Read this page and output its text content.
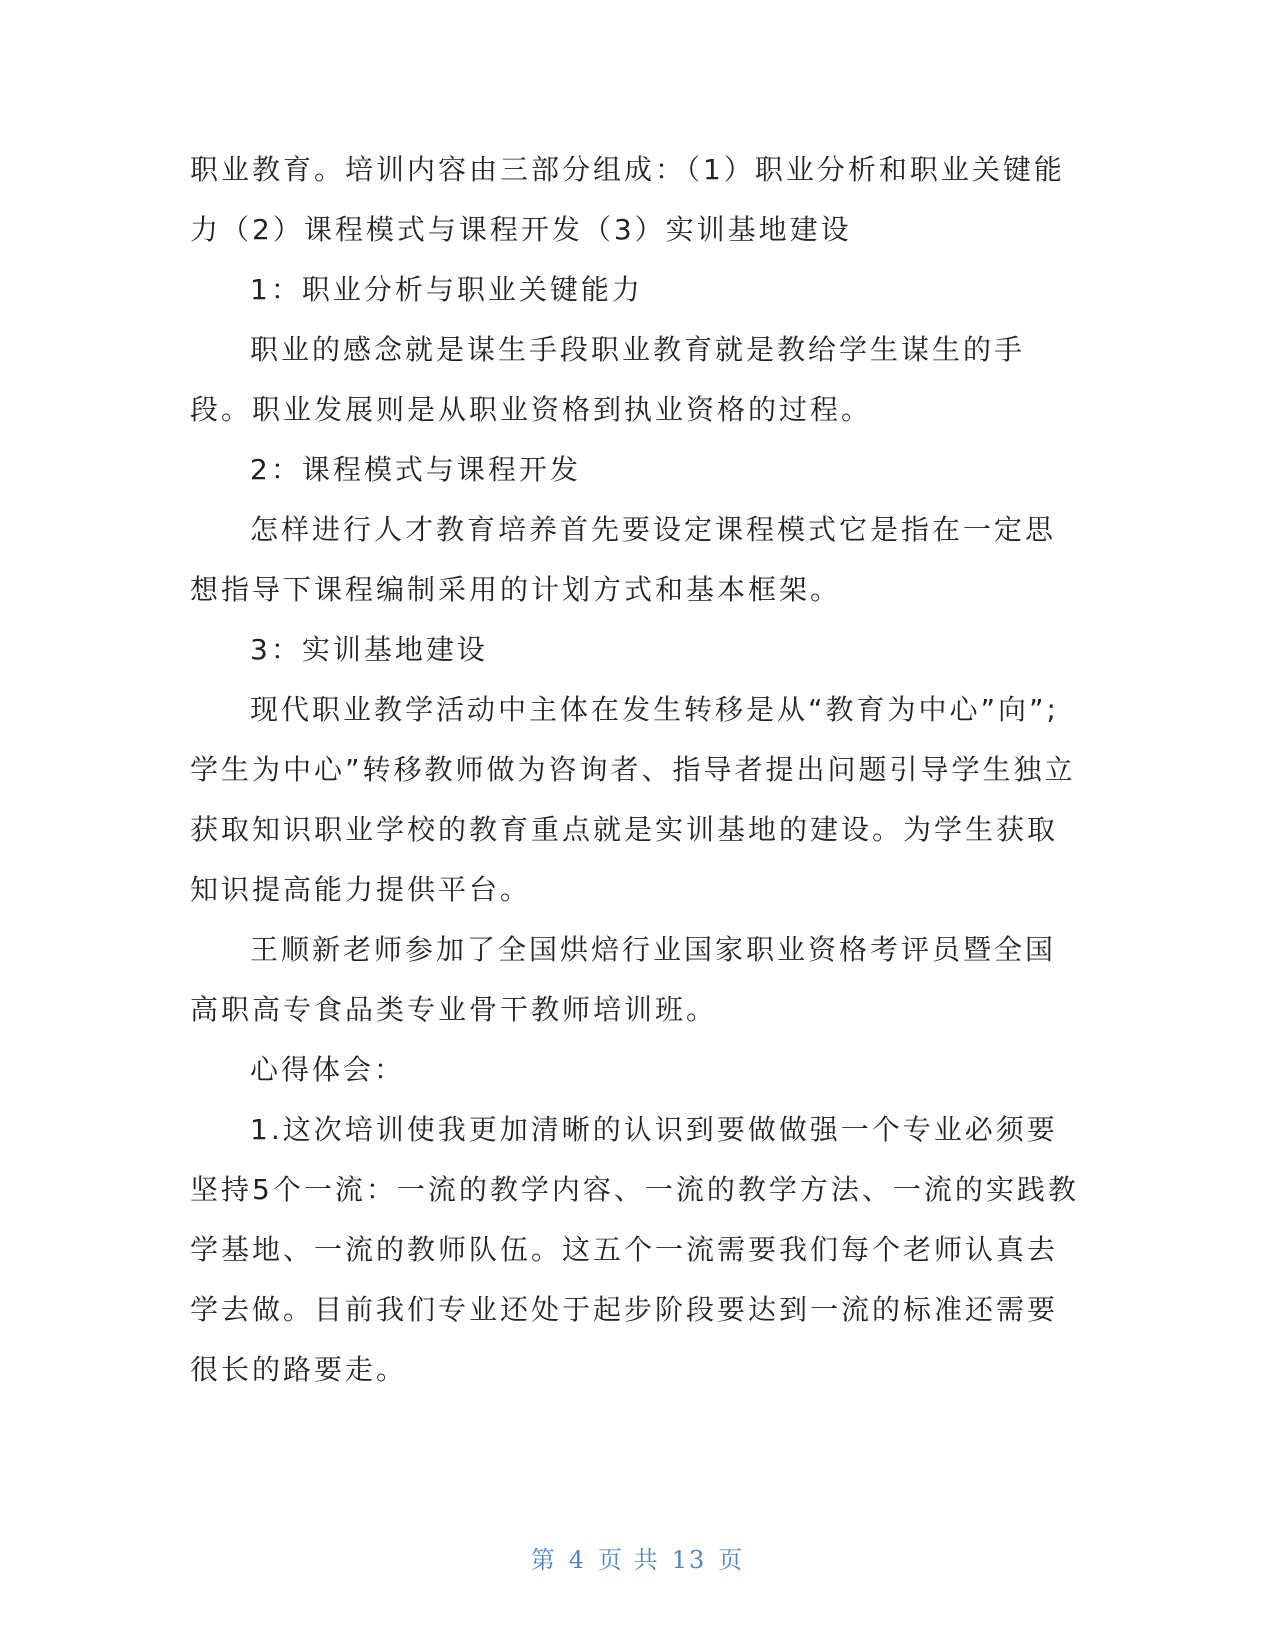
职业教育。培训内容由三部分组成：（1）职业分析和职业关键能力（2）课程模式与课程开发（3）实训基地建设

1：职业分析与职业关键能力

职业的感念就是谋生手段职业教育就是教给学生谋生的手段。职业发展则是从职业资格到执业资格的过程。

2：课程模式与课程开发

怎样进行人才教育培养首先要设定课程模式它是指在一定思想指导下课程编制采用的计划方式和基本框架。

3：实训基地建设

现代职业教学活动中主体在发生转移是从“教育为中心”向”;学生为中心”转移教师做为咨询者、指导者提出问题引导学生独立获取知识职业学校的教育重点就是实训基地的建设。为学生获取知识提高能力提供平台。

王顺新老师参加了全国烘焙行业国家职业资格考评员暨全国高职高专食品类专业骨干教师培训班。

心得体会：

1.这次培训使我更加清晰的认识到要做做强一个专业必须要坚持5个一流：一流的教学内容、一流的教学方法、一流的实践教学基地、一流的教师队伍。这五个一流需要我们每个老师认真去学去做。目前我们专业还处于起步阶段要达到一流的标准还需要很长的路要走。

第 4 页 共 13 页
